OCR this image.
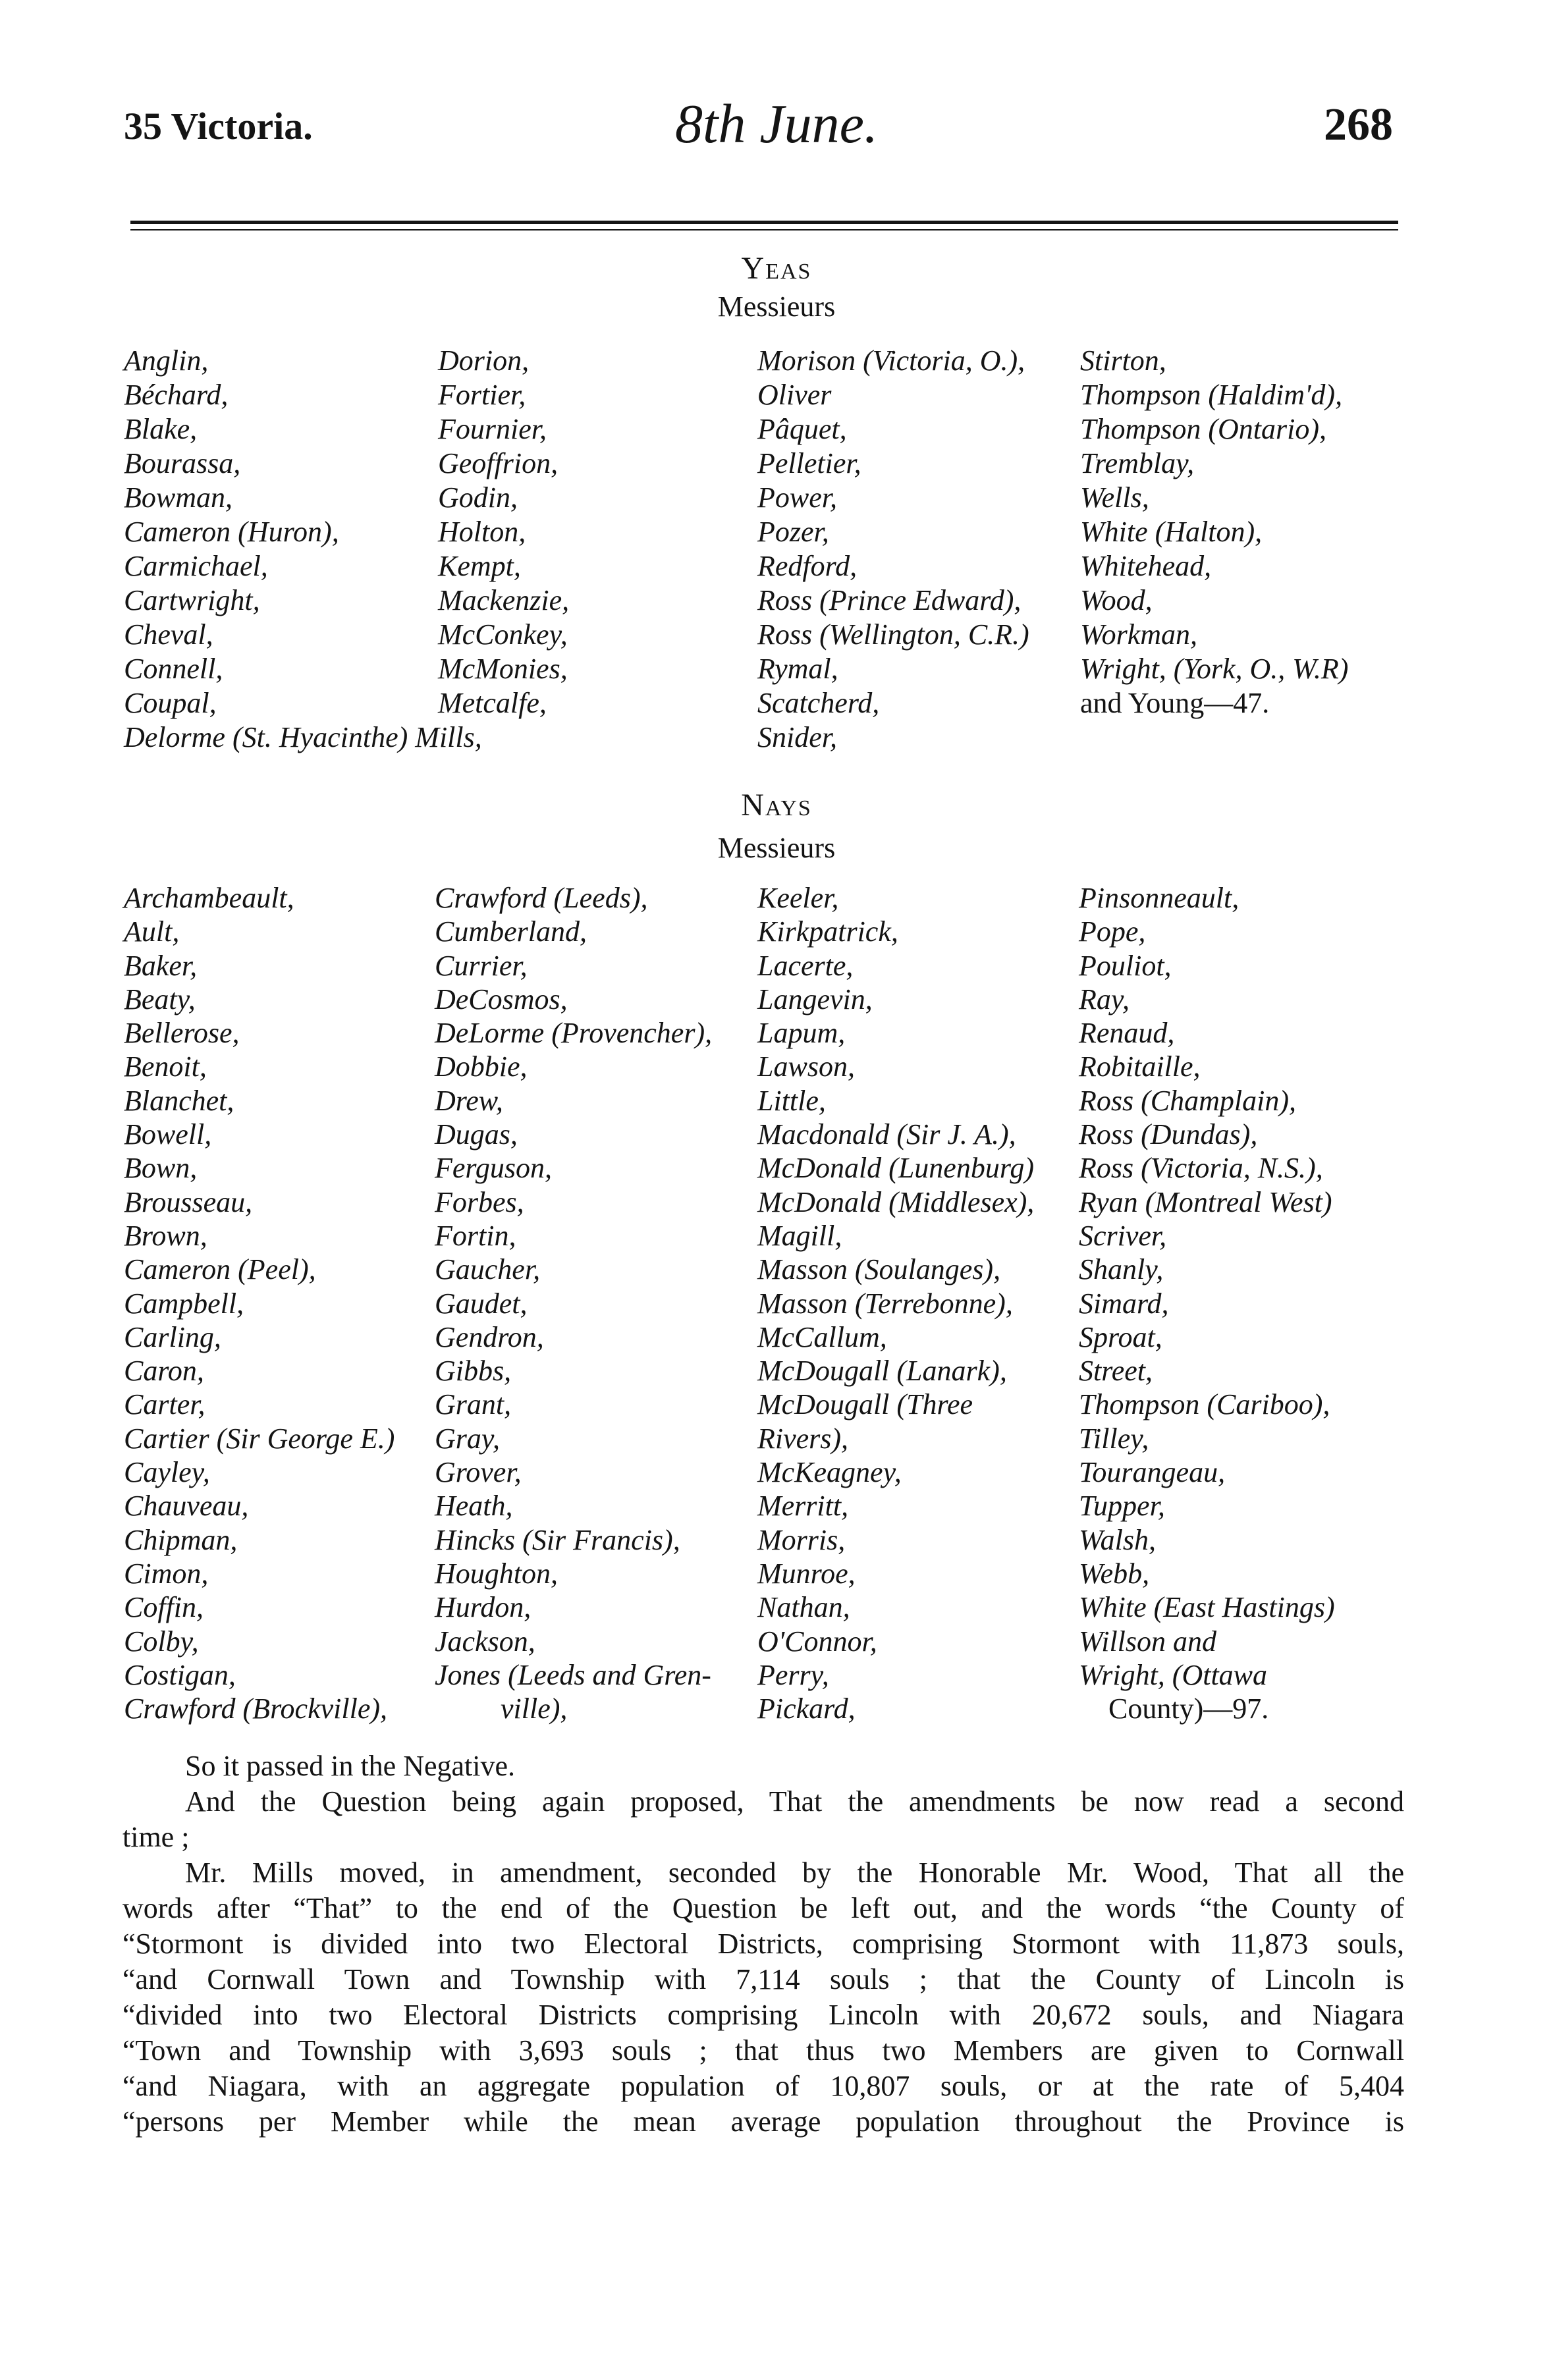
35 Victoria.	8th June.	268
Yeas
Messieurs
Anglin,
Béchard,
Blake,
Bourassa,
Bowman,
Cameron (Huron),
Carmichael,
Cartwright,
Cheval,
Connell,
Coupal,
Delorme (St. Hyacinthe) Mills,
Dorion,
Fortier,
Fournier,
Geoffrion,
Godin,
Holton,
Kempt,
Mackenzie,
McConkey,
McMonies,
Metcalfe,
Morison (Victoria, O.),
Oliver
Pâquet,
Pelletier,
Power,
Pozer,
Redford,
Ross (Prince Edward),
Ross (Wellington, C.R.)
Rymal,
Scatcherd,
Snider,
Stirton,
Thompson (Haldim'd),
Thompson (Ontario),
Tremblay,
Wells,
White (Halton),
Whitehead,
Wood,
Workman,
Wright, (York, O., W.R)
and Young—47.
Nays
Messieurs
Archambeault,
Ault,
Baker,
Beaty,
Bellerose,
Benoit,
Blanchet,
Bowell,
Bown,
Brousseau,
Brown,
Cameron (Peel),
Campbell,
Carling,
Caron,
Carter,
Cartier (Sir George E.)
Cayley,
Chauveau,
Chipman,
Cimon,
Coffin,
Colby,
Costigan,
Crawford (Brockville),
Crawford (Leeds),
Cumberland,
Currier,
DeCosmos,
DeLorme (Provencher),
Dobbie,
Drew,
Dugas,
Ferguson,
Forbes,
Fortin,
Gaucher,
Gaudet,
Gendron,
Gibbs,
Grant,
Gray,
Grover,
Heath,
Hincks (Sir Francis),
Houghton,
Hurdon,
Jackson,
Jones (Leeds and Gren-
ville),
Keeler,
Kirkpatrick,
Lacerte,
Langevin,
Lapum,
Lawson,
Little,
Macdonald (Sir J. A.),
McDonald (Lunenburg)
McDonald (Middlesex),
Magill,
Masson (Soulanges),
Masson (Terrebonne),
McCallum,
McDougall (Lanark),
McDougall (Three
Rivers),
McKeagney,
Merritt,
Morris,
Munroe,
Nathan,
O'Connor,
Perry,
Pickard,
Pinsonneault,
Pope,
Pouliot,
Ray,
Renaud,
Robitaille,
Ross (Champlain),
Ross (Dundas),
Ross (Victoria, N.S.),
Ryan (Montreal West)
Scriver,
Shanly,
Simard,
Sproat,
Street,
Thompson (Cariboo),
Tilley,
Tourangeau,
Tupper,
Walsh,
Webb,
White (East Hastings)
Willson and
Wright, (Ottawa
County)—97.
So it passed in the Negative.
And the Question being again proposed, That the amendments be now read a second
time ;
Mr. Mills moved, in amendment, seconded by the Honorable Mr. Wood, That all the
words after “That” to the end of the Question be left out, and the words “the County of
“Stormont is divided into two Electoral Districts, comprising Stormont with 11,873 souls,
“and Cornwall Town and Township with 7,114 souls ; that the County of Lincoln is
“divided into two Electoral Districts comprising Lincoln with 20,672 souls, and Niagara
“Town and Township with 3,693 souls ; that thus two Members are given to Cornwall
“and Niagara, with an aggregate population of 10,807 souls, or at the rate of 5,404
“persons per Member while the mean average population throughout the Province is
